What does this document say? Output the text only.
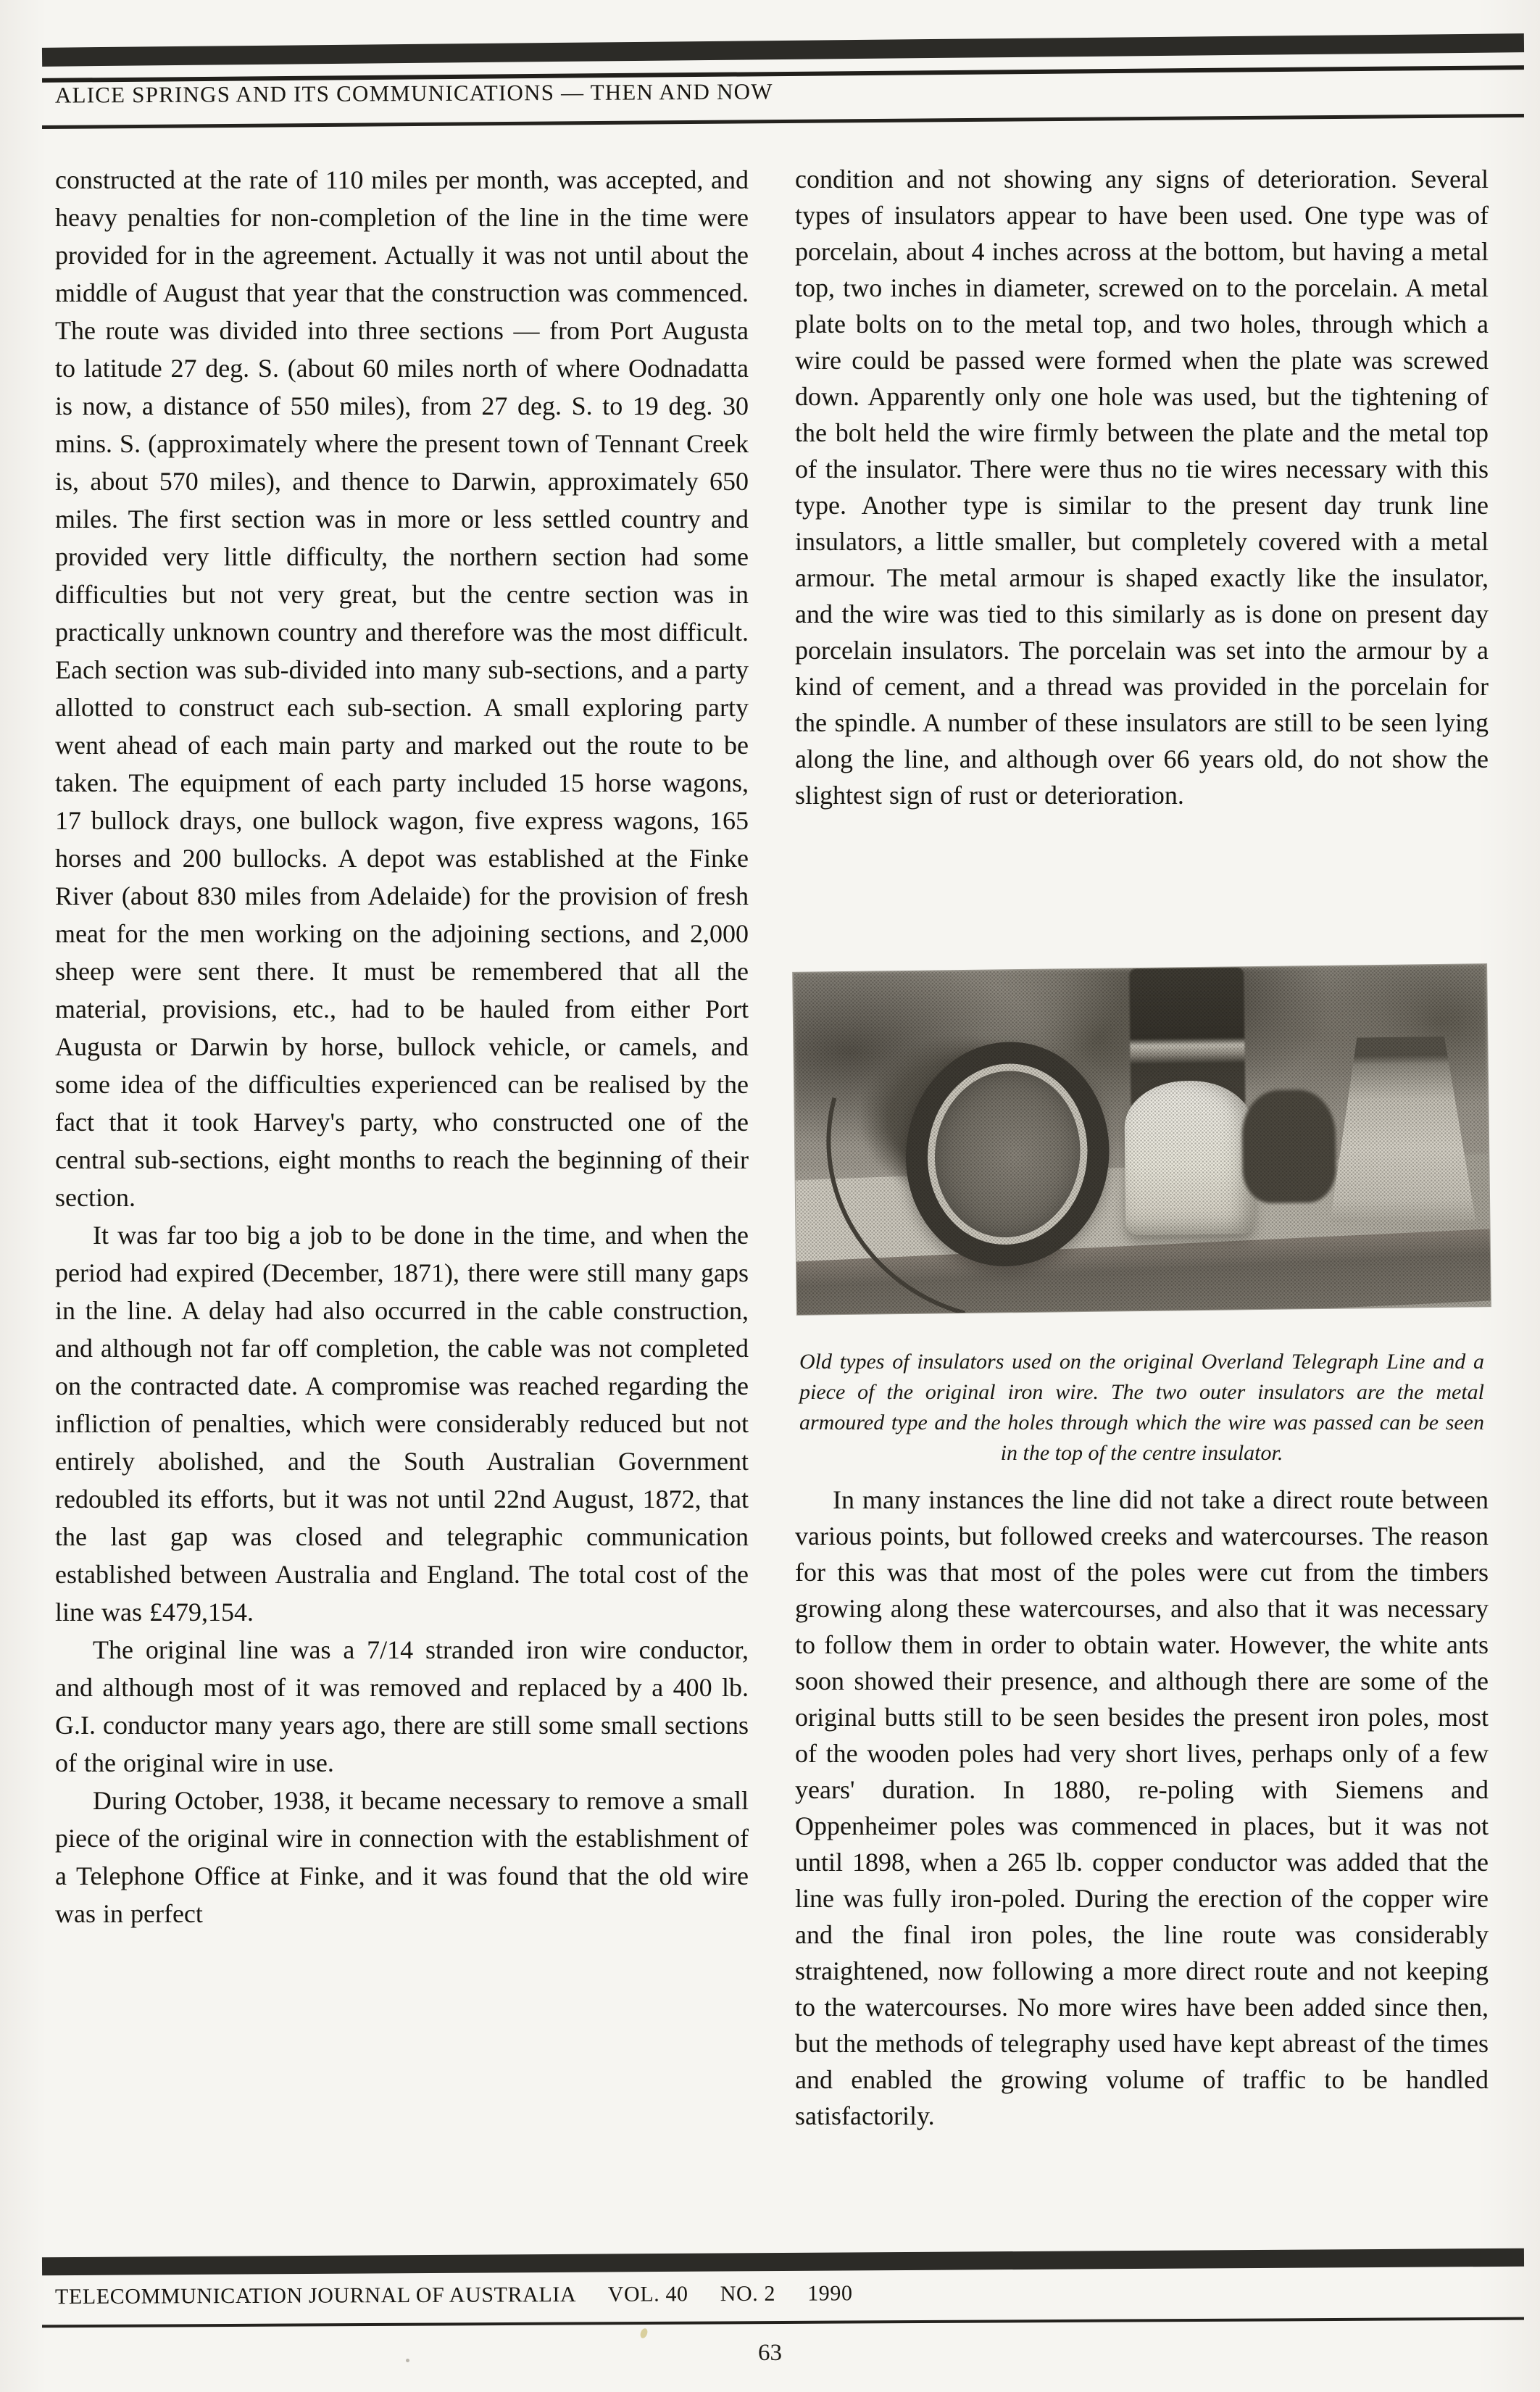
ALICE SPRINGS AND ITS COMMUNICATIONS — THEN AND NOW

constructed at the rate of 110 miles per month, was accepted, and heavy penalties for non-completion of the line in the time were provided for in the agreement. Actually it was not until about the middle of August that year that the construction was commenced. The route was divided into three sections — from Port Augusta to latitude 27 deg. S. (about 60 miles north of where Oodnadatta is now, a distance of 550 miles), from 27 deg. S. to 19 deg. 30 mins. S. (approximately where the present town of Tennant Creek is, about 570 miles), and thence to Darwin, approximately 650 miles. The first section was in more or less settled country and provided very little difficulty, the northern section had some difficulties but not very great, but the centre section was in practically unknown country and therefore was the most difficult. Each section was sub-divided into many sub-sections, and a party allotted to construct each sub-section. A small exploring party went ahead of each main party and marked out the route to be taken. The equipment of each party included 15 horse wagons, 17 bullock drays, one bullock wagon, five express wagons, 165 horses and 200 bullocks. A depot was established at the Finke River (about 830 miles from Adelaide) for the provision of fresh meat for the men working on the adjoining sections, and 2,000 sheep were sent there. It must be remembered that all the material, provisions, etc., had to be hauled from either Port Augusta or Darwin by horse, bullock vehicle, or camels, and some idea of the difficulties experienced can be realised by the fact that it took Harvey's party, who constructed one of the central sub-sections, eight months to reach the beginning of their section.

It was far too big a job to be done in the time, and when the period had expired (December, 1871), there were still many gaps in the line. A delay had also occurred in the cable construction, and although not far off completion, the cable was not completed on the contracted date. A compromise was reached regarding the infliction of penalties, which were considerably reduced but not entirely abolished, and the South Australian Government redoubled its efforts, but it was not until 22nd August, 1872, that the last gap was closed and telegraphic communication established between Australia and England. The total cost of the line was £479,154.

The original line was a 7/14 stranded iron wire conductor, and although most of it was removed and replaced by a 400 lb. G.I. conductor many years ago, there are still some small sections of the original wire in use.

During October, 1938, it became necessary to remove a small piece of the original wire in connection with the establishment of a Telephone Office at Finke, and it was found that the old wire was in perfect

condition and not showing any signs of deterioration. Several types of insulators appear to have been used. One type was of porcelain, about 4 inches across at the bottom, but having a metal top, two inches in diameter, screwed on to the porcelain. A metal plate bolts on to the metal top, and two holes, through which a wire could be passed were formed when the plate was screwed down. Apparently only one hole was used, but the tightening of the bolt held the wire firmly between the plate and the metal top of the insulator. There were thus no tie wires necessary with this type. Another type is similar to the present day trunk line insulators, a little smaller, but completely covered with a metal armour. The metal armour is shaped exactly like the insulator, and the wire was tied to this similarly as is done on present day porcelain insulators. The porcelain was set into the armour by a kind of cement, and a thread was provided in the porcelain for the spindle. A number of these insulators are still to be seen lying along the line, and although over 66 years old, do not show the slightest sign of rust or deterioration.

Old types of insulators used on the original Overland Telegraph Line and a piece of the original iron wire. The two outer insulators are the metal armoured type and the holes through which the wire was passed can be seen in the top of the centre insulator.

In many instances the line did not take a direct route between various points, but followed creeks and watercourses. The reason for this was that most of the poles were cut from the timbers growing along these watercourses, and also that it was necessary to follow them in order to obtain water. However, the white ants soon showed their presence, and although there are some of the original butts still to be seen besides the present iron poles, most of the wooden poles had very short lives, perhaps only of a few years' duration. In 1880, re-poling with Siemens and Oppenheimer poles was commenced in places, but it was not until 1898, when a 265 lb. copper conductor was added that the line was fully iron-poled. During the erection of the copper wire and the final iron poles, the line route was considerably straightened, now following a more direct route and not keeping to the watercourses. No more wires have been added since then, but the methods of telegraphy used have kept abreast of the times and enabled the growing volume of traffic to be handled satisfactorily.

TELECOMMUNICATION JOURNAL OF AUSTRALIA VOL. 40 NO. 2 1990
63
